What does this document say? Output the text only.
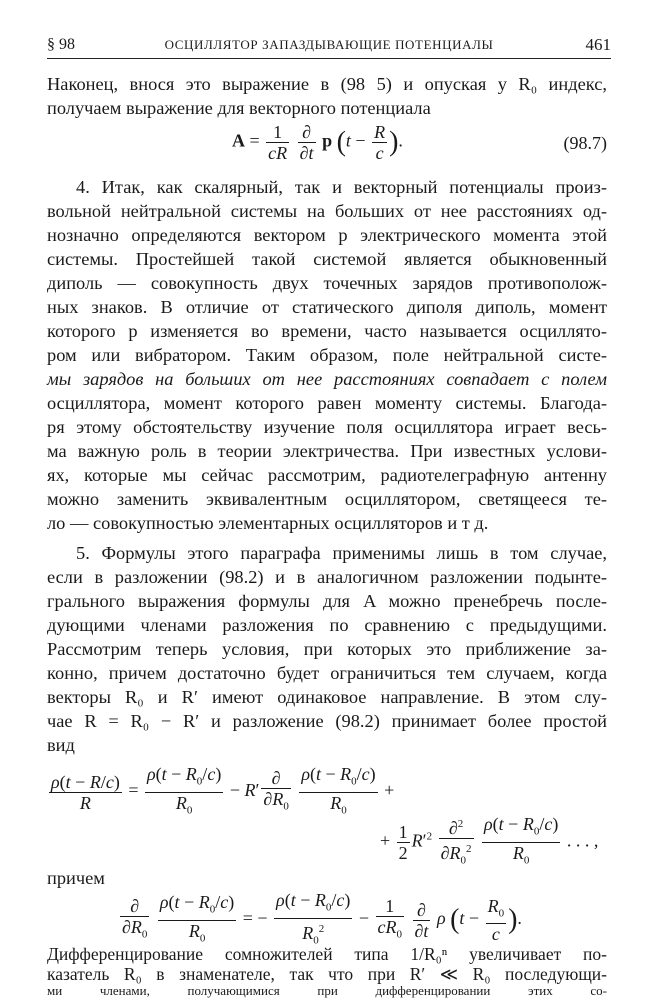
§ 98	ОСЦИЛЛЯТОР ЗАПАЗДЫВАЮЩИЕ ПОТЕНЦИАЛЫ	461
Наконец, внося это выражение в (98 5) и опуская у R₀ индекс,
получаем выражение для векторного потенциала
$A = \frac{1}{cR}$
$\frac{\partial}{\partial t}$ p ($t - \frac{R}{c}$ ).	(98.7)
4. Итак, как скалярный, так и векторный потенциалы произ-
вольной нейтральной системы на больших от нее расстояниях од-
нозначно определяются вектором p электрического момента этой
системы. Простейшей такой системой является обыкновенный
диполь — совокупность двух точечных зарядов противополож-
ных знаков. В отличие от статического диполя диполь, момент
которого p изменяется во времени, часто называется осциллято-
ром или вибратором. Таким образом, поле нейтральной систе-
мы зарядов на больших от нее расстояниях совпадает с полем
осциллятора, момент которого равен моменту системы. Благода-
ря этому обстоятельству изучение поля осциллятора играет весь-
ма важную роль в теории электричества. При известных услови-
ях, которые мы сейчас рассмотрим, радиотелеграфную антенну
можно заменить эквивалентным осциллятором, светящееся те-
ло — совокупностью элементарных осцилляторов и т д.
5. Формулы этого параграфа применимы лишь в том случае,
если в разложении (98.2) и в аналогичном разложении подынте-
грального выражения формулы для A можно пренебречь после-
дующими членами разложения по сравнению с предыдущими.
Рассмотрим теперь условия, при которых это приближение за-
конно, причем достаточно будет ограничиться тем случаем, когда
векторы R₀ и R′ имеют одинаковое направление. В этом слу-
чае R = R₀ − R′ и разложение (98.2) принимает более простой
вид
$\frac{\rho(t - R/c)}{R} = \frac{\rho(t - R_0/c)}{R_0} - R' \frac{\partial}{\partial R_0}$
$\frac{\rho(t - R_0/c)}{R_0}$ +
+ $\frac{1}{2} R'^2 \frac{\partial^2}{\partial R_0^2}$
$\frac{\rho(t - R_0/c)}{R_0}$ . . . ,
причем
$\frac{\partial}{\partial R_0}$
$\frac{\rho(t - R_0/c)}{R_0}$ = − $\frac{\rho(t - R_0/c)}{R_0^2} - \frac{1}{cR_0}$
$\frac{\partial}{\partial t}$ ρ ($t - \frac{R_0}{c}$ ).
Дифференцирование сомножителей типа 1/R₀ⁿ увеличивает по-
казатель R₀ в знаменателе, так что при R′ ≪ R₀ последующи-
ми членами, получающимися при дифференцировании этих со-
